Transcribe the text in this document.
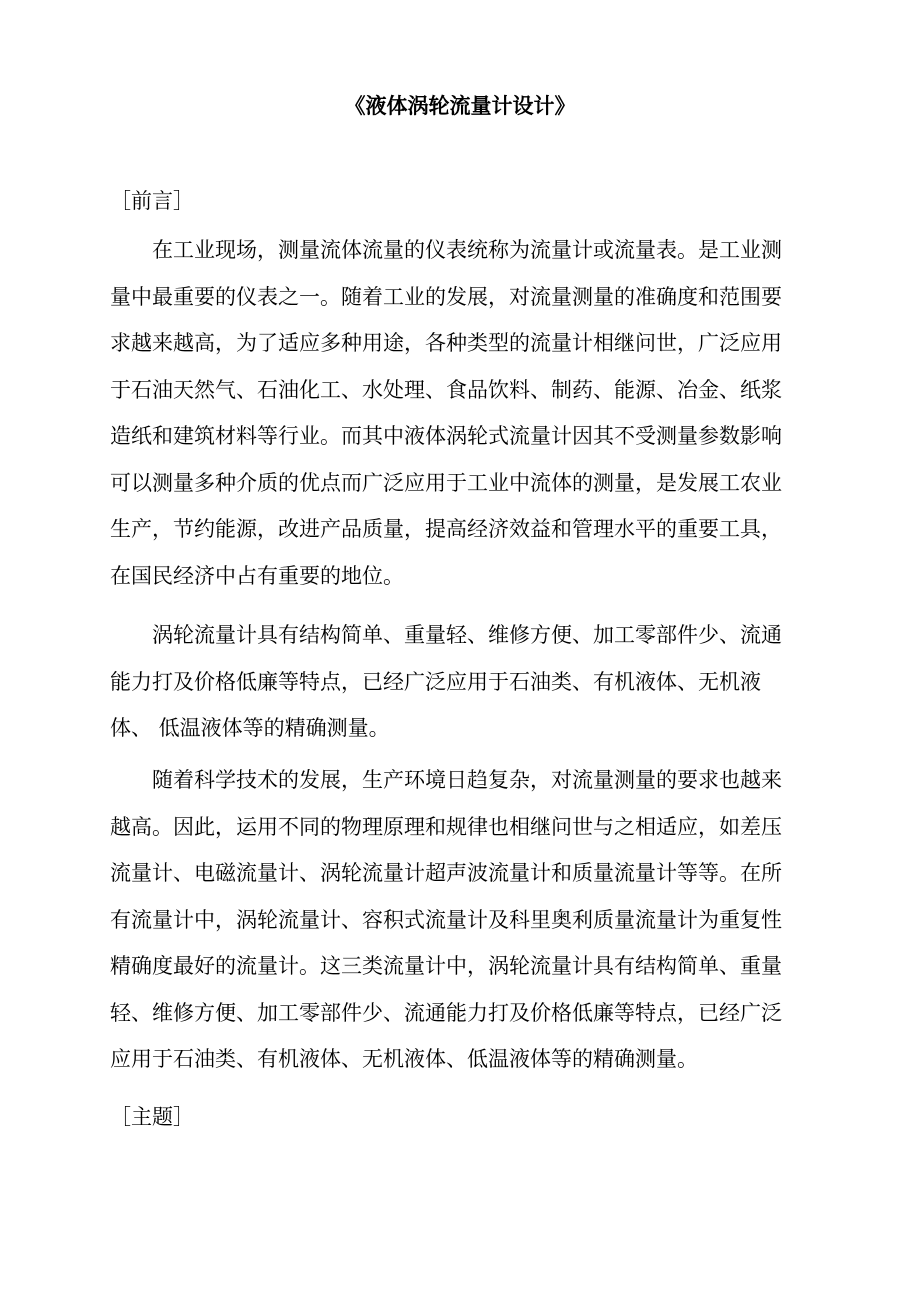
《液体涡轮流量计设计》
［前言］
在工业现场，测量流体流量的仪表统称为流量计或流量表。是工业测
量中最重要的仪表之一。随着工业的发展，对流量测量的准确度和范围要
求越来越高，为了适应多种用途，各种类型的流量计相继问世，广泛应用
于石油天然气、石油化工、水处理、食品饮料、制药、能源、冶金、纸浆
造纸和建筑材料等行业。而其中液体涡轮式流量计因其不受测量参数影响
可以测量多种介质的优点而广泛应用于工业中流体的测量，是发展工农业
生产，节约能源，改进产品质量，提高经济效益和管理水平的重要工具，
在国民经济中占有重要的地位。
涡轮流量计具有结构简单、重量轻、维修方便、加工零部件少、流通
能力打及价格低廉等特点，已经广泛应用于石油类、有机液体、无机液
体、 低温液体等的精确测量。
随着科学技术的发展，生产环境日趋复杂，对流量测量的要求也越来
越高。因此，运用不同的物理原理和规律也相继问世与之相适应，如差压
流量计、电磁流量计、涡轮流量计超声波流量计和质量流量计等等。在所
有流量计中，涡轮流量计、容积式流量计及科里奥利质量流量计为重复性
精确度最好的流量计。这三类流量计中，涡轮流量计具有结构简单、重量
轻、维修方便、加工零部件少、流通能力打及价格低廉等特点，已经广泛
应用于石油类、有机液体、无机液体、低温液体等的精确测量。
［主题］
